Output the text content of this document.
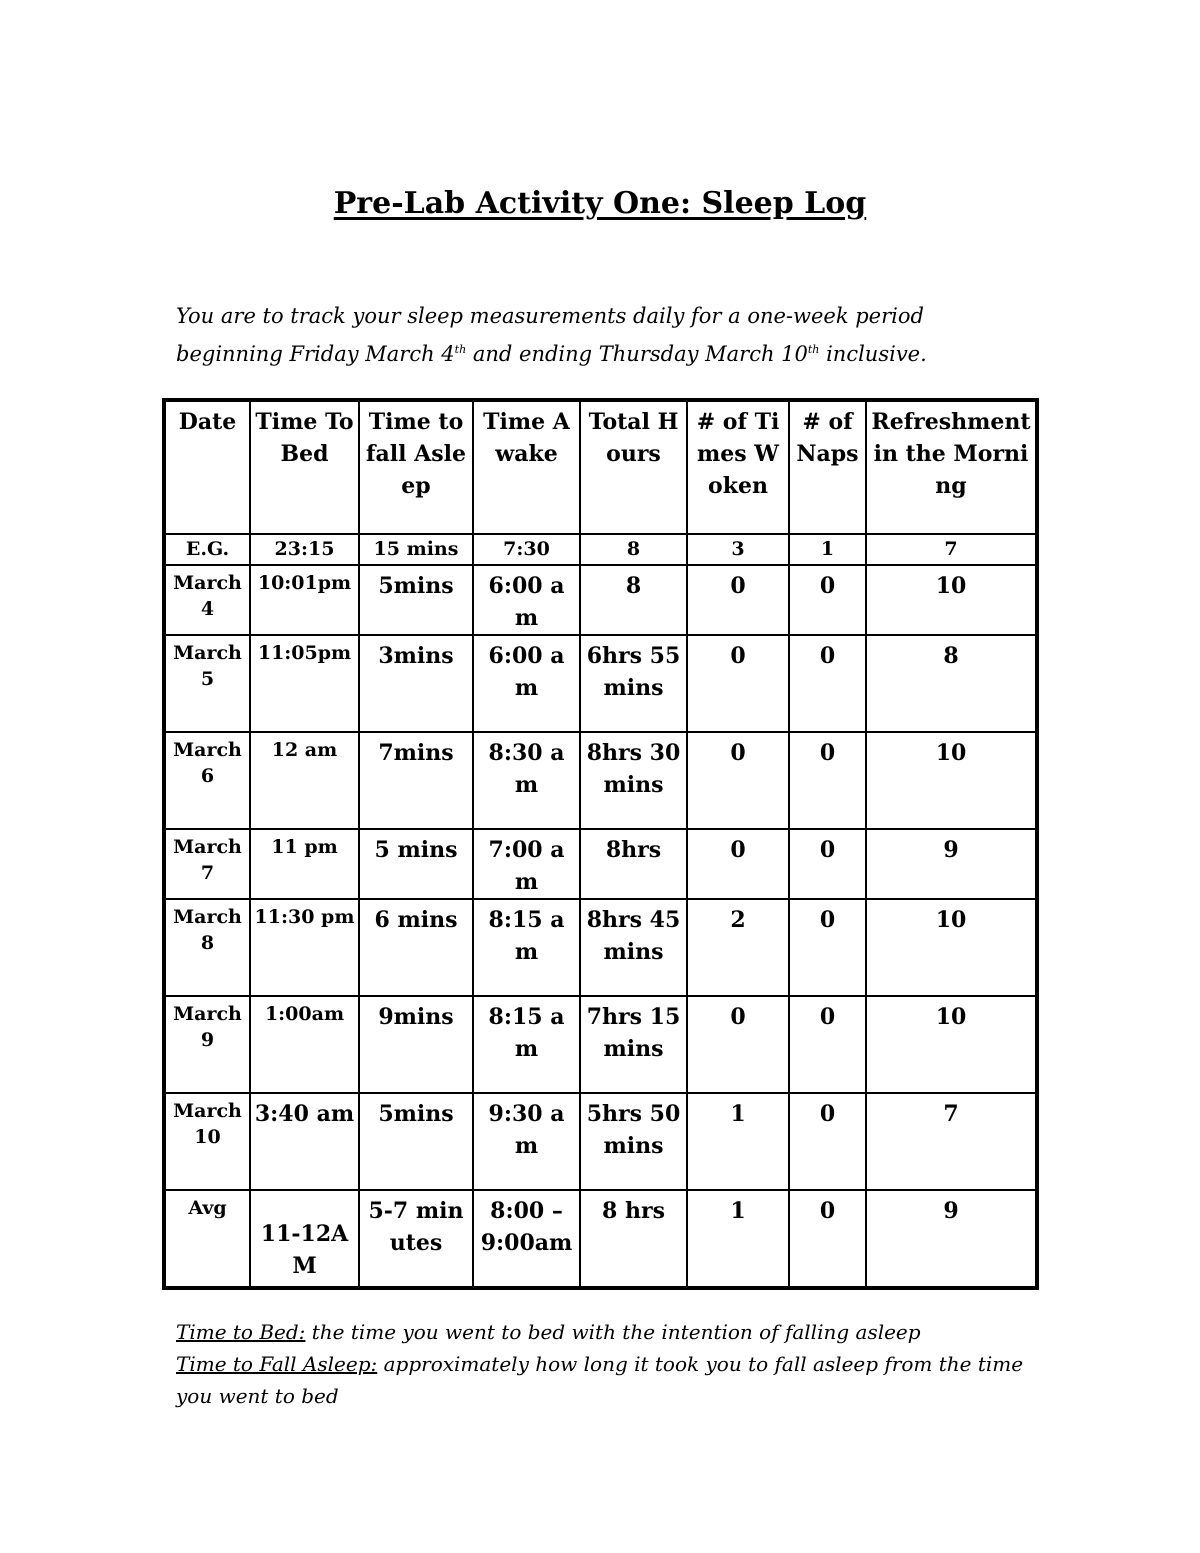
Pre-Lab Activity One: Sleep Log

You are to track your sleep measurements daily for a one-week period beginning Friday March 4th and ending Thursday March 10th inclusive.

Date	Time To Bed	Time to fall Asleep	Time Awake	Total Hours	# of Times Woken	# of Naps	Refreshment in the Morning
E.G.	23:15	15 mins	7:30	8	3	1	7
March 4	10:01pm	5mins	6:00 am	8	0	0	10
March 5	11:05pm	3mins	6:00 am	6hrs 55mins	0	0	8
March 6	12 am	7mins	8:30 am	8hrs 30mins	0	0	10
March 7	11 pm	5 mins	7:00 am	8hrs	0	0	9
March 8	11:30 pm	6 mins	8:15 am	8hrs 45mins	2	0	10
March 9	1:00am	9mins	8:15 am	7hrs 15mins	0	0	10
March 10	3:40 am	5mins	9:30 am	5hrs 50 mins	1	0	7
Avg	11-12AM	5-7 minutes	8:00 – 9:00am	8 hrs	1	0	9

Time to Bed: the time you went to bed with the intention of falling asleep

Time to Fall Asleep: approximately how long it took you to fall asleep from the time you went to bed
